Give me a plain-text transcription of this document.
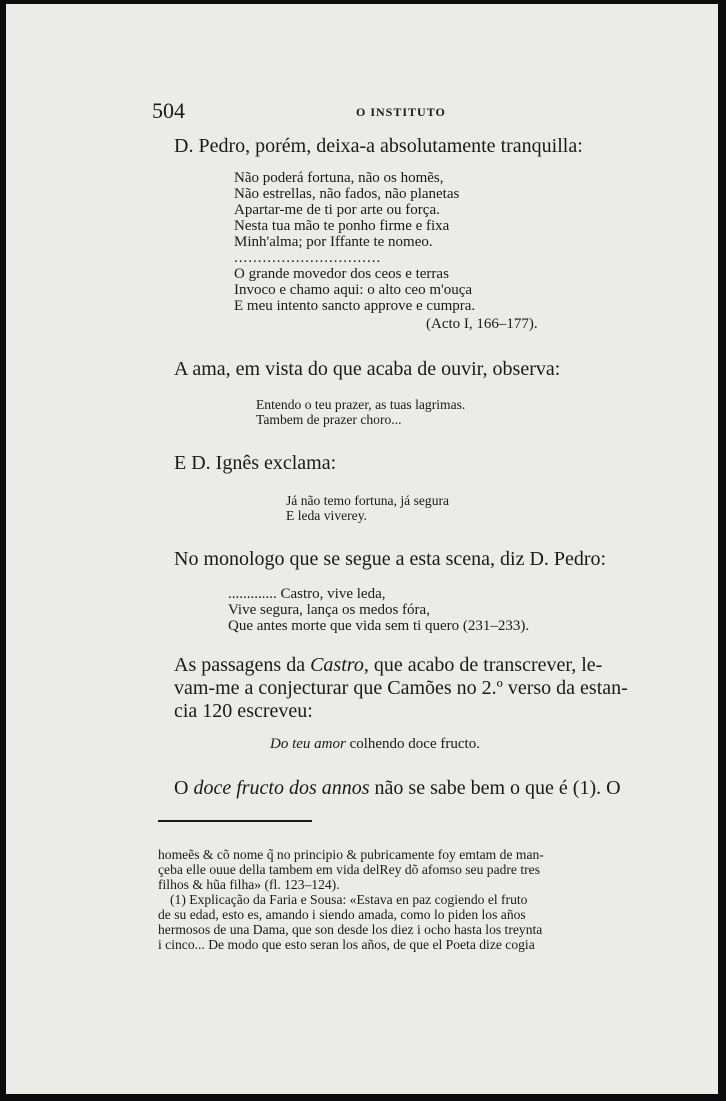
504	O INSTITUTO
D. Pedro, porém, deixa-a absolutamente tranquilla:
Não poderá fortuna, não os homẽs,
Não estrellas, não fados, não planetas
Apartar-me de ti por arte ou força.
Nesta tua mão te ponho firme e fixa
Minh'alma; por Iffante te nomeo.
...............................
O grande movedor dos ceos e terras
Invoco e chamo aqui: o alto ceo m'ouça
E meu intento sancto approve e cumpra.
(Acto I, 166–177).
A ama, em vista do que acaba de ouvir, observa:
Entendo o teu prazer, as tuas lagrimas.
Tambem de prazer choro...
E D. Ignês exclama:
Já não temo fortuna, já segura
E leda viverey.
No monologo que se segue a esta scena, diz D. Pedro:
............. Castro, vive leda,
Vive segura, lança os medos fóra,
Que antes morte que vida sem ti quero (231–233).
As passagens da Castro, que acabo de transcrever, le-
vam-me a conjecturar que Camões no 2.º verso da estan-
cia 120 escreveu:
Do teu amor colhendo doce fructo.
O doce fructo dos annos não se sabe bem o que é (1). O
homeẽs & cõ nome q̃ no principio & pubricamente foy emtam de man-
çeba elle ouue della tambem em vida delRey dõ afomso seu padre tres
filhos & hũa filha» (fl. 123–124).
(1) Explicação da Faria e Sousa: «Estava en paz cogiendo el fruto
de su edad, esto es, amando i siendo amada, como lo piden los años
hermosos de una Dama, que son desde los diez i ocho hasta los treynta
i cinco... De modo que esto seran los años, de que el Poeta dize cogia
